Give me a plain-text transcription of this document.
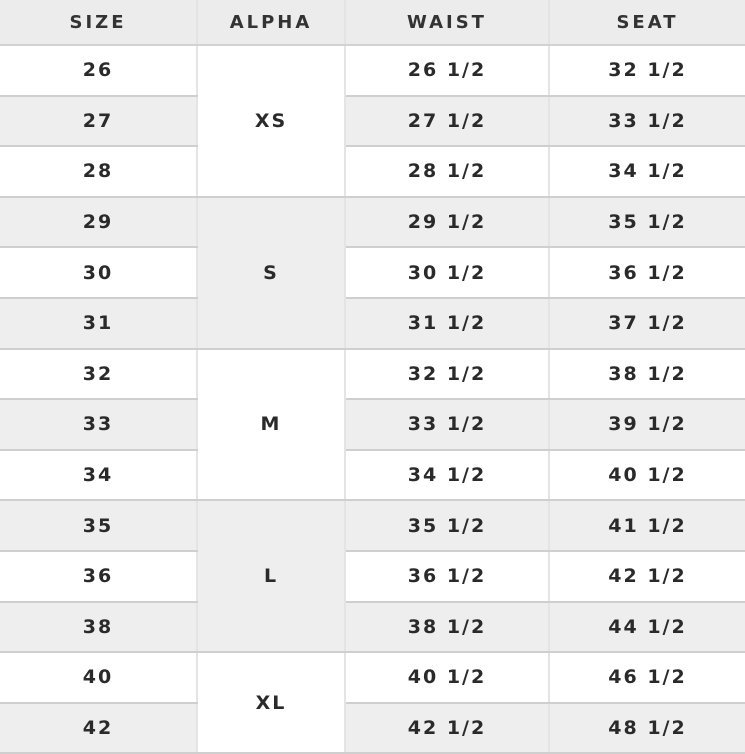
SIZE	ALPHA	WAIST	SEAT
26	XS	26 1/2	32 1/2
27		27 1/2	33 1/2
28		28 1/2	34 1/2
29	S	29 1/2	35 1/2
30		30 1/2	36 1/2
31		31 1/2	37 1/2
32	M	32 1/2	38 1/2
33		33 1/2	39 1/2
34		34 1/2	40 1/2
35	L	35 1/2	41 1/2
36		36 1/2	42 1/2
38		38 1/2	44 1/2
40	XL	40 1/2	46 1/2
42		42 1/2	48 1/2
